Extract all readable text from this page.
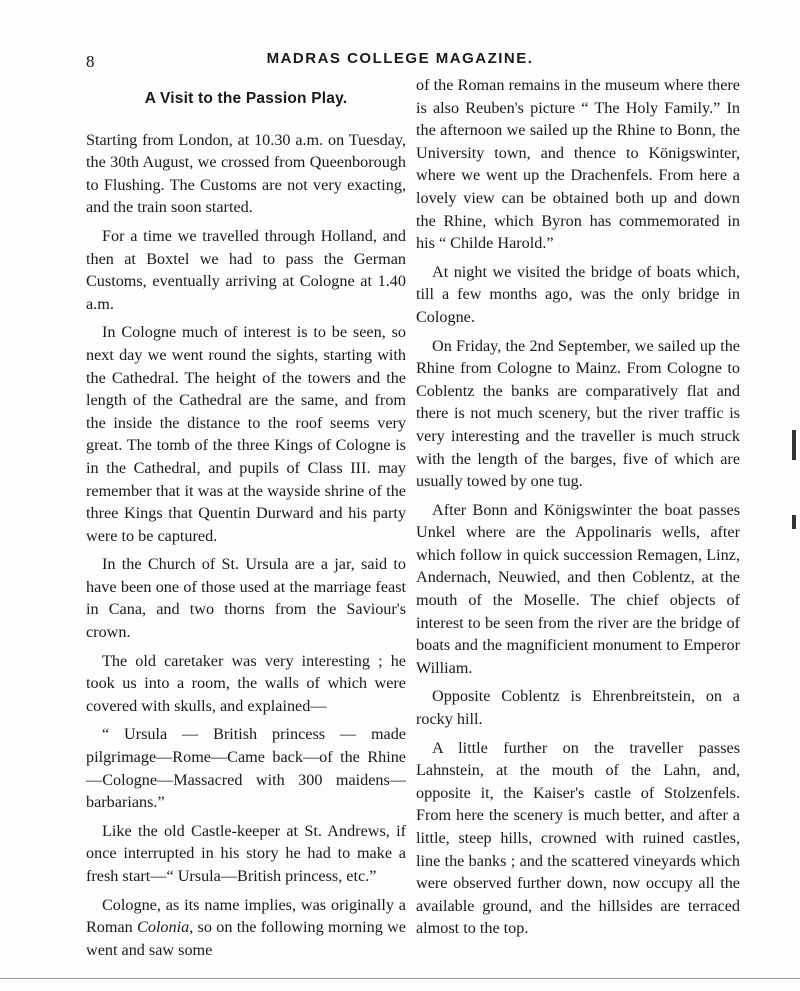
8	MADRAS COLLEGE MAGAZINE.
A Visit to the Passion Play.

Starting from London, at 10.30 a.m. on Tuesday, the 30th August, we crossed from Queenborough to Flushing. The Customs are not very exacting, and the train soon started.

For a time we travelled through Holland, and then at Boxtel we had to pass the German Customs, eventually arriving at Cologne at 1.40 a.m.

In Cologne much of interest is to be seen, so next day we went round the sights, starting with the Cathedral. The height of the towers and the length of the Cathedral are the same, and from the inside the distance to the roof seems very great. The tomb of the three Kings of Cologne is in the Cathedral, and pupils of Class III. may remember that it was at the wayside shrine of the three Kings that Quentin Durward and his party were to be captured.

In the Church of St. Ursula are a jar, said to have been one of those used at the marriage feast in Cana, and two thorns from the Saviour's crown.

The old caretaker was very interesting ; he took us into a room, the walls of which were covered with skulls, and explained—

“ Ursula — British princess — made pilgrimage—Rome—Came back—of the Rhine—Cologne—Massacred with 300 maidens—barbarians.”

Like the old Castle-keeper at St. Andrews, if once interrupted in his story he had to make a fresh start—“ Ursula—British princess, etc.”

Cologne, as its name implies, was originally a Roman Colonia, so on the following morning we went and saw some

of the Roman remains in the museum where there is also Reuben's picture “ The Holy Family.” In the afternoon we sailed up the Rhine to Bonn, the University town, and thence to Königswinter, where we went up the Drachenfels. From here a lovely view can be obtained both up and down the Rhine, which Byron has commemorated in his “ Childe Harold.”

At night we visited the bridge of boats which, till a few months ago, was the only bridge in Cologne.

On Friday, the 2nd September, we sailed up the Rhine from Cologne to Mainz. From Cologne to Coblentz the banks are comparatively flat and there is not much scenery, but the river traffic is very interesting and the traveller is much struck with the length of the barges, five of which are usually towed by one tug.

After Bonn and Königswinter the boat passes Unkel where are the Appolinaris wells, after which follow in quick succession Remagen, Linz, Andernach, Neuwied, and then Coblentz, at the mouth of the Moselle. The chief objects of interest to be seen from the river are the bridge of boats and the magnificient monument to Emperor William.

Opposite Coblentz is Ehrenbreitstein, on a rocky hill.

A little further on the traveller passes Lahnstein, at the mouth of the Lahn, and, opposite it, the Kaiser's castle of Stolzenfels. From here the scenery is much better, and after a little, steep hills, crowned with ruined castles, line the banks ; and the scattered vineyards which were observed further down, now occupy all the available ground, and the hillsides are terraced almost to the top.
